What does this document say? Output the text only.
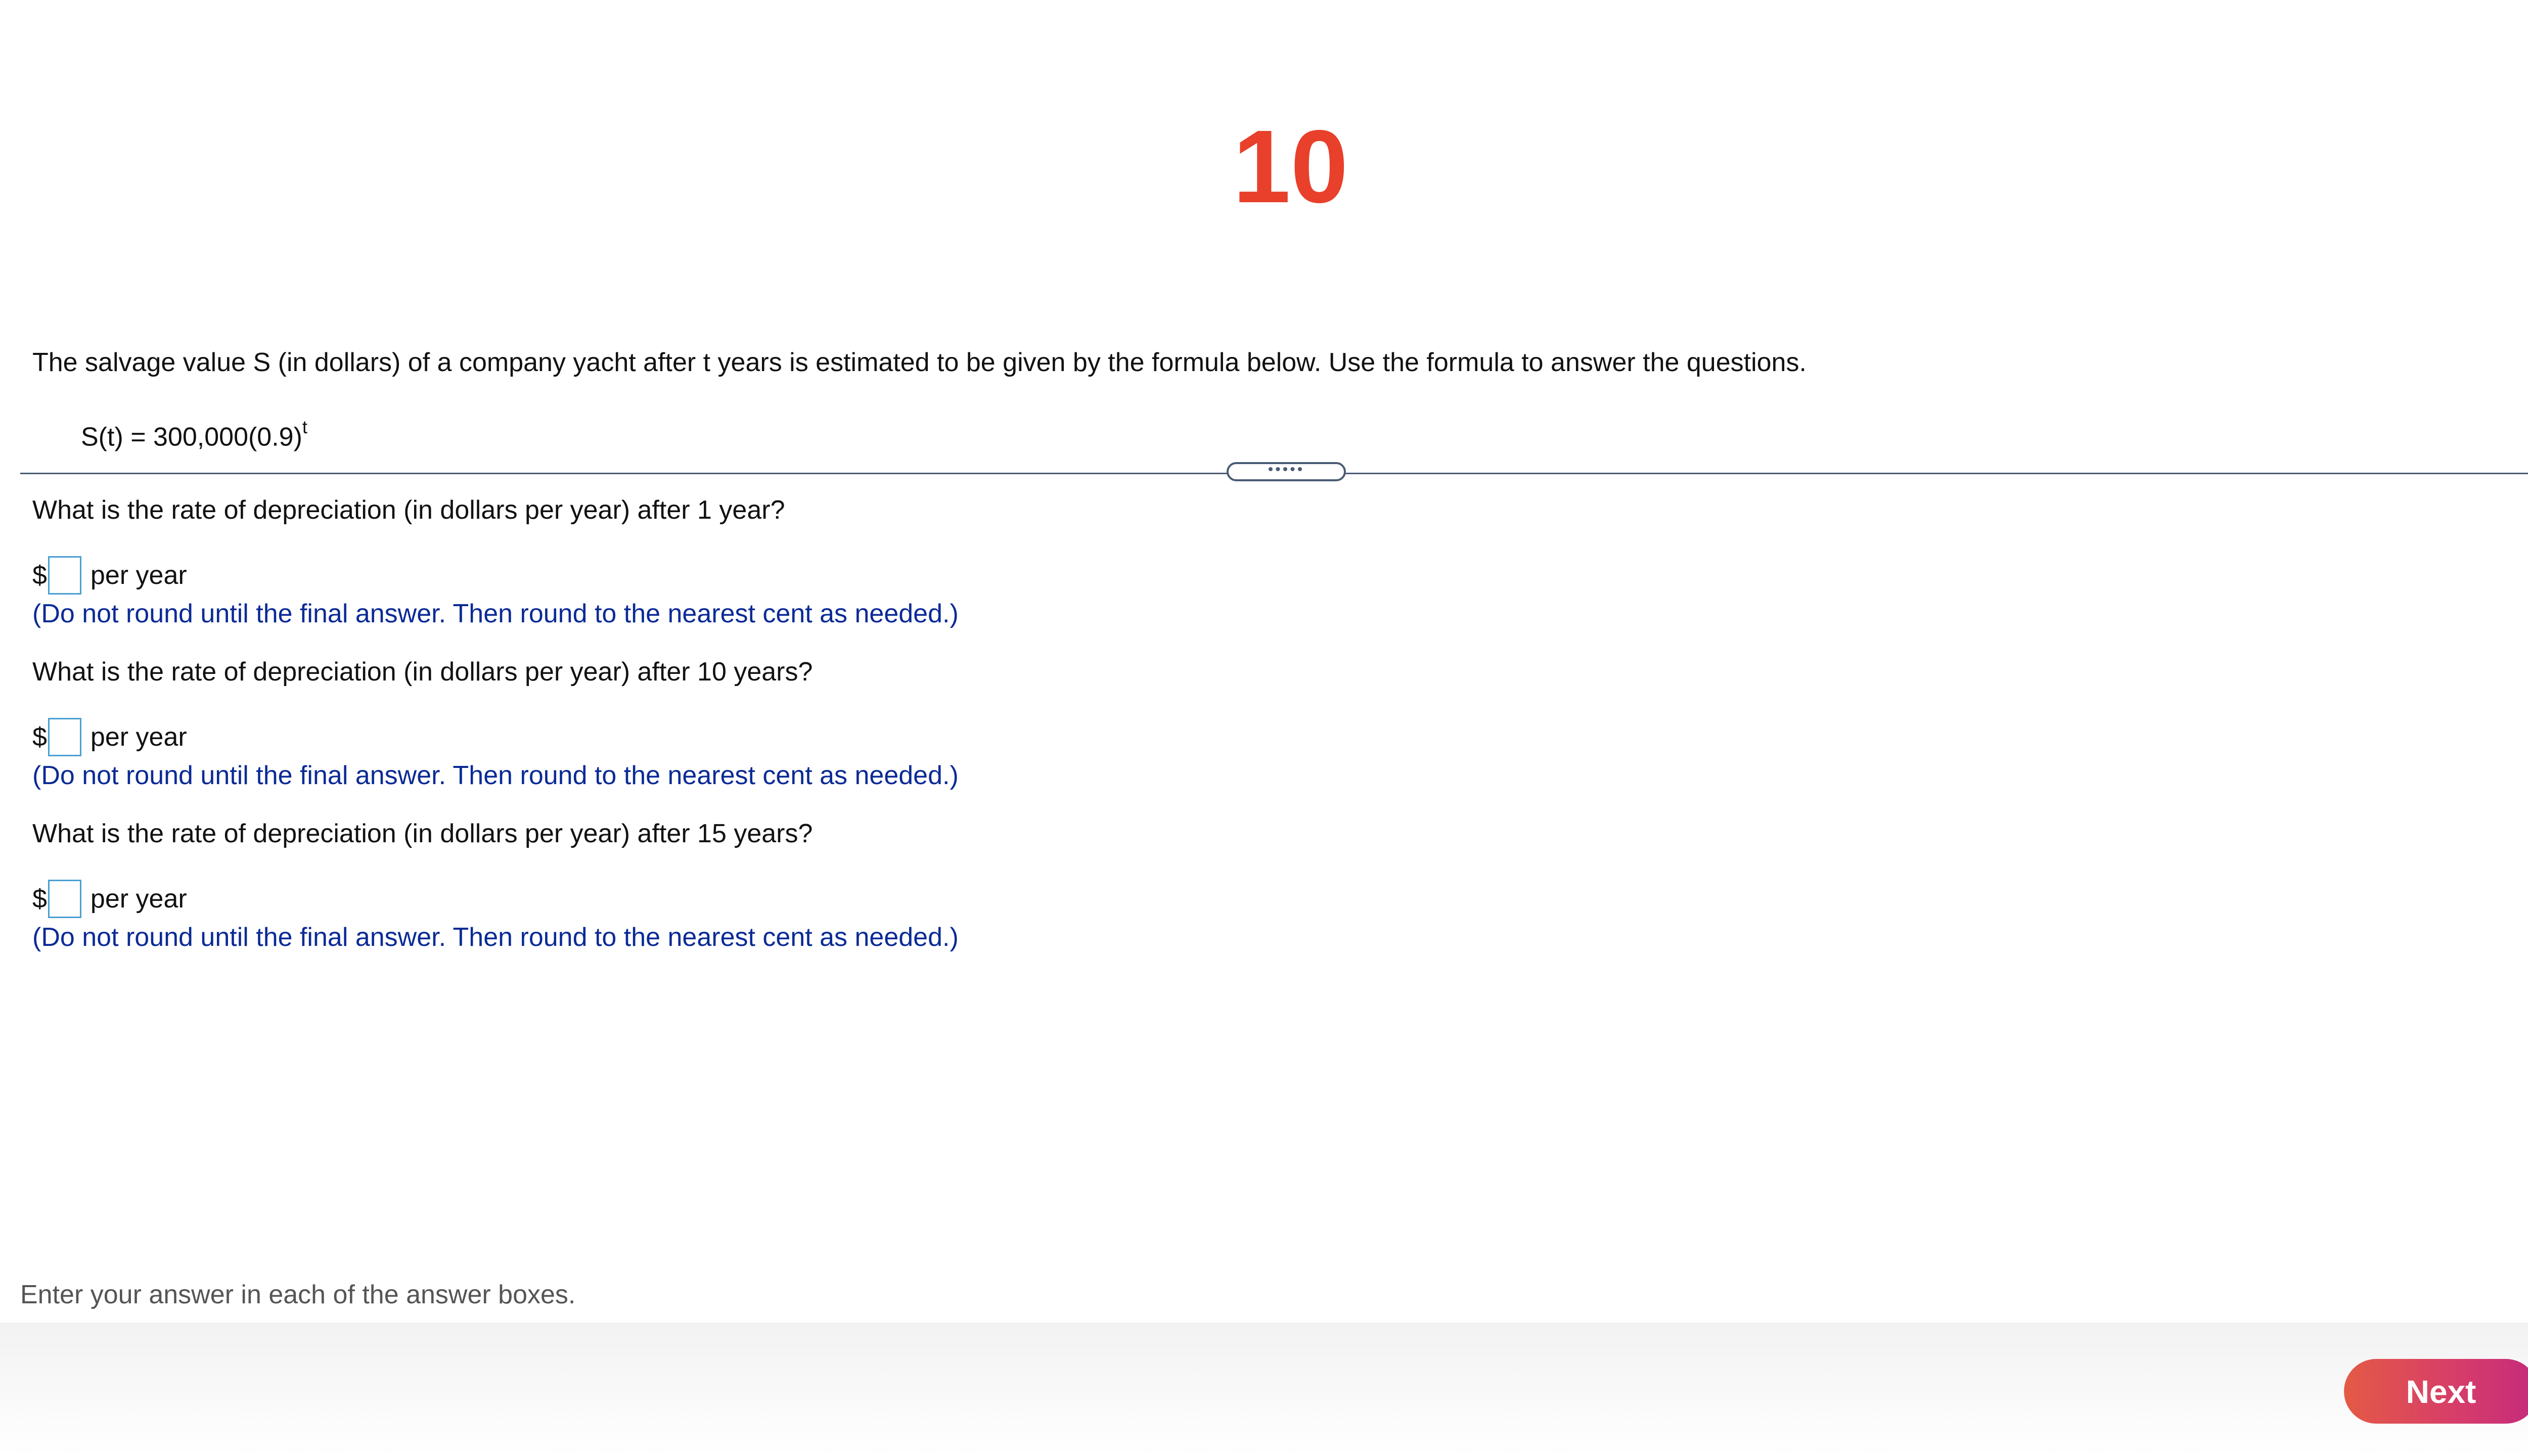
10

The salvage value S (in dollars) of a company yacht after t years is estimated to be given by the formula below. Use the formula to answer the questions.

$S(t) = 300,000(0.9)^t$

•••••

What is the rate of depreciation (in dollars per year) after 1 year?

$ per year

(Do not round until the final answer. Then round to the nearest cent as needed.)

What is the rate of depreciation (in dollars per year) after 10 years?

$ per year

(Do not round until the final answer. Then round to the nearest cent as needed.)

What is the rate of depreciation (in dollars per year) after 15 years?

$ per year

(Do not round until the final answer. Then round to the nearest cent as needed.)

Enter your answer in each of the answer boxes.

Next
